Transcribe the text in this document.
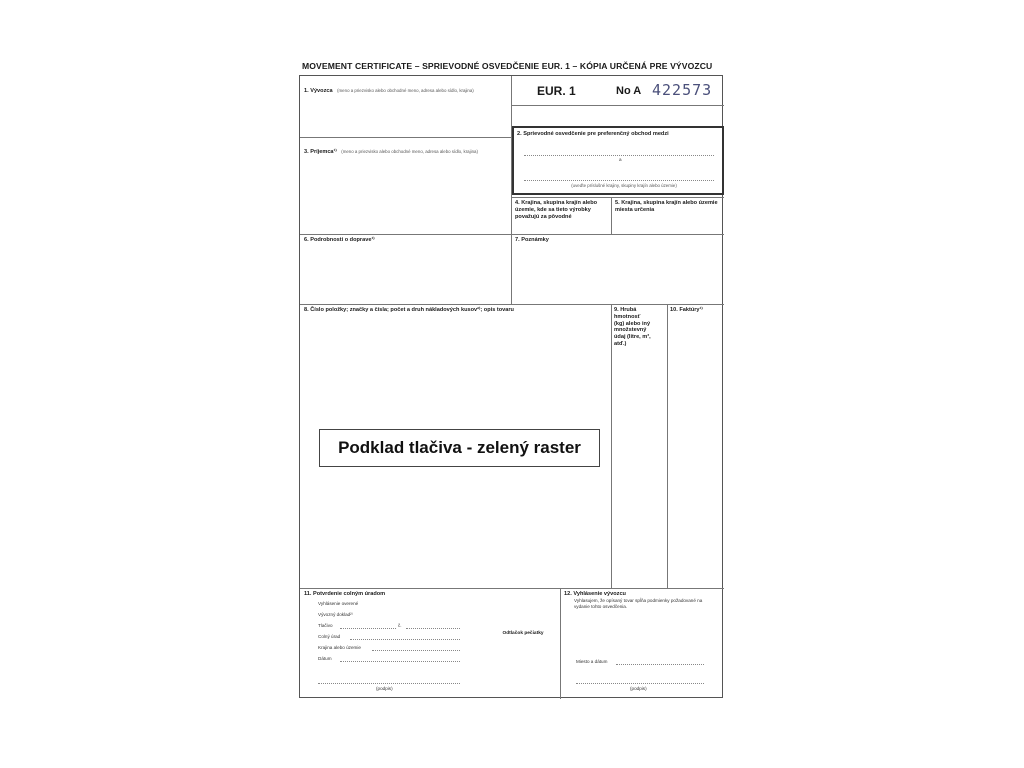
MOVEMENT CERTIFICATE – SPRIEVODNÉ OSVEDČENIE EUR. 1 – KÓPIA URČENÁ PRE VÝVOZCU
1. Vývozca (meno a priezvisko alebo obchodné meno, adresa alebo sídlo, krajina)	EUR. 1	No A 422573
2. Sprievodné osvedčenie pre preferenčný obchod medzi
a
(uveďte príslušné krajiny, skupiny krajín alebo územie)
3. Príjemca¹⁾ (meno a priezvisko alebo obchodné meno, adresa alebo sídlo, krajina)
4. Krajina, skupina krajín alebo územie, kde sa tieto výrobky považujú za pôvodné
5. Krajina, skupina krajín alebo územie miesta určenia
6. Podrobnosti o doprave¹⁾	7. Poznámky
8. Číslo položky; značky a čísla; počet a druh nákladových kusov²⁾; opis tovaru	9. Hrubá hmotnosť (kg) alebo iný množstevný údaj (litre, m³, atď.)
10. Faktúry¹⁾
Podklad tlačiva - zelený raster
11. Potvrdenie colným úradom
Vyhlásenie overené
Vývozný doklad²⁾
Tlačivo	č.
Colný úrad
Krajina alebo územie
Dátum
Odtlačok pečiatky
(podpis)
12. Vyhlásenie vývozcu
Vyhlasujem, že opísaný tovar spĺňa podmienky požadované na vydanie tohto osvedčenia.
Miesto a dátum
(podpis)
